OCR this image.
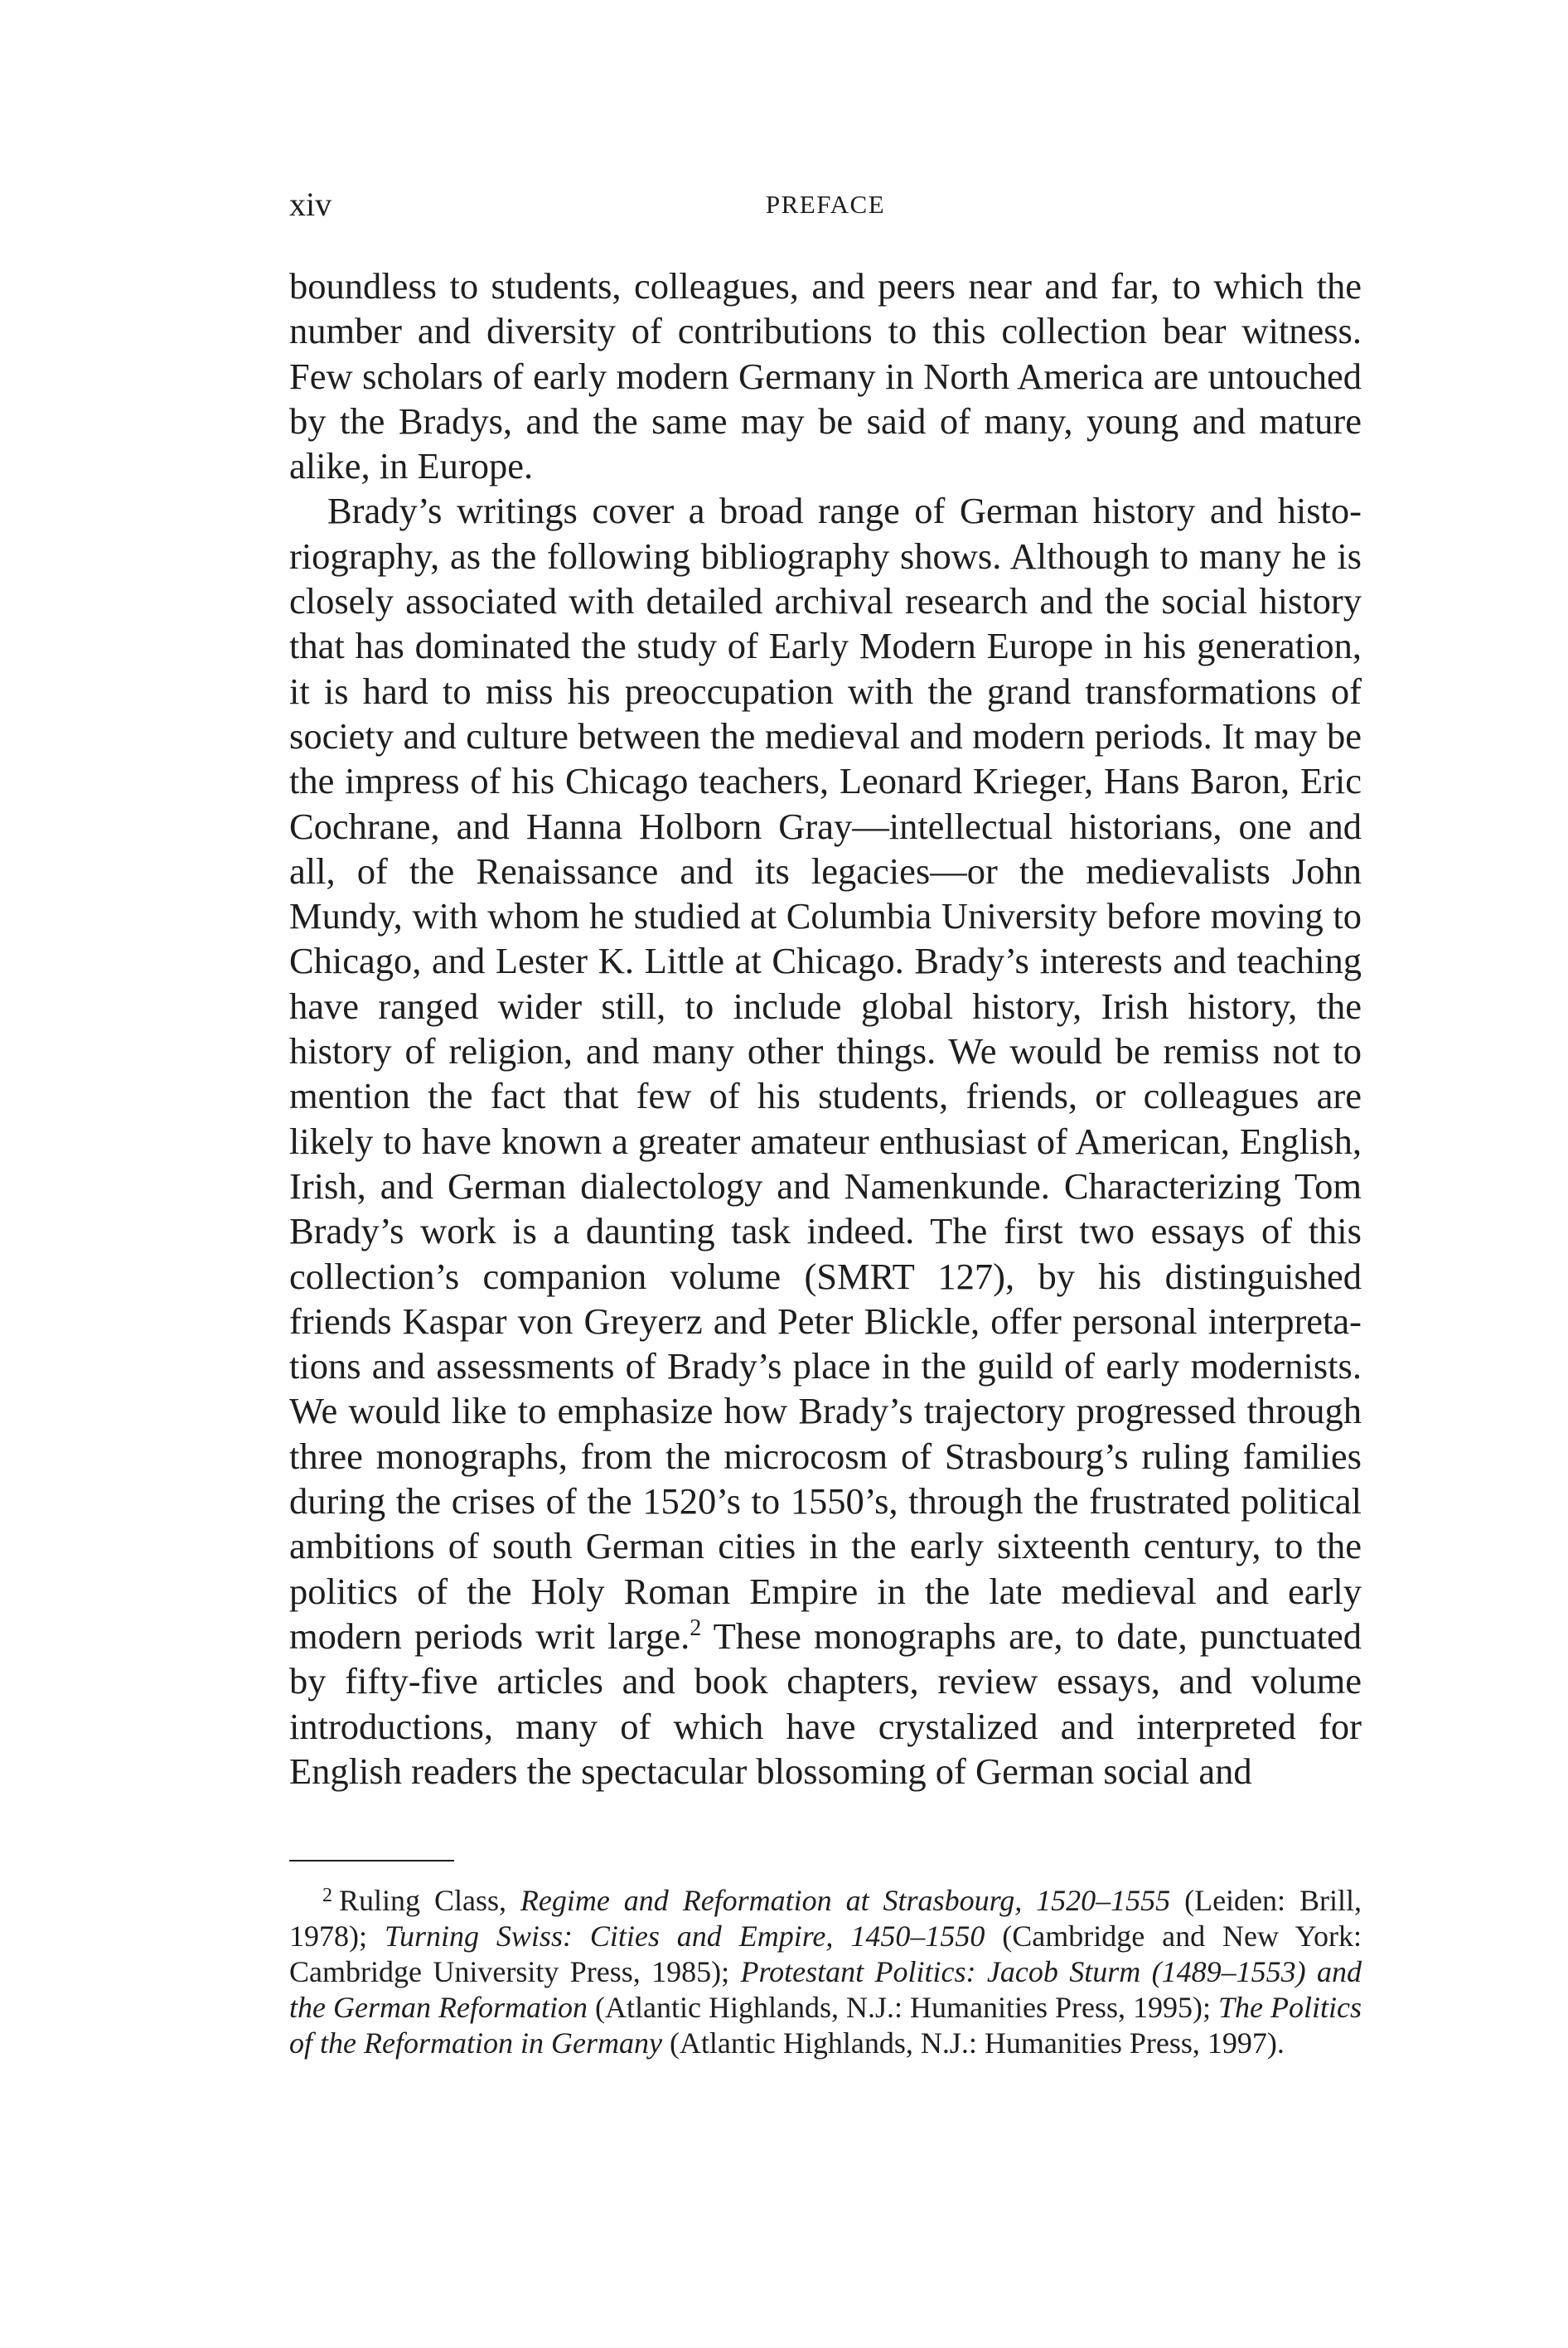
xiv	PREFACE

boundless to students, colleagues, and peers near and far, to which the number and diversity of contributions to this collection bear witness. Few scholars of early modern Germany in North America are untouched by the Bradys, and the same may be said of many, young and mature alike, in Europe.

Brady’s writings cover a broad range of German history and historiography, as the following bibliography shows. Although to many he is closely associated with detailed archival research and the social history that has dominated the study of Early Modern Europe in his generation, it is hard to miss his preoccupation with the grand transformations of society and culture between the medieval and modern periods. It may be the impress of his Chicago teachers, Leonard Krieger, Hans Baron, Eric Cochrane, and Hanna Holborn Gray—intellectual historians, one and all, of the Renaissance and its legacies—or the medievalists John Mundy, with whom he studied at Columbia University before moving to Chicago, and Lester K. Little at Chicago. Brady’s interests and teaching have ranged wider still, to include global history, Irish history, the history of religion, and many other things. We would be remiss not to mention the fact that few of his students, friends, or colleagues are likely to have known a greater amateur enthusiast of American, English, Irish, and German dialectology and Namenkunde. Characterizing Tom Brady’s work is a daunting task indeed. The first two essays of this collection’s companion volume (SMRT 127), by his distinguished friends Kaspar von Greyerz and Peter Blickle, offer personal interpretations and assessments of Brady’s place in the guild of early modernists. We would like to emphasize how Brady’s trajectory progressed through three monographs, from the microcosm of Strasbourg’s ruling families during the crises of the 1520’s to 1550’s, through the frustrated political ambitions of south German cities in the early sixteenth century, to the politics of the Holy Roman Empire in the late medieval and early modern periods writ large.$^2$ These monographs are, to date, punctuated by fifty-five articles and book chapters, review essays, and volume introductions, many of which have crystalized and interpreted for English readers the spectacular blossoming of German social and

$^2$ Ruling Class, Regime and Reformation at Strasbourg, 1520–1555 (Leiden: Brill, 1978); Turning Swiss: Cities and Empire, 1450–1550 (Cambridge and New York: Cambridge University Press, 1985); Protestant Politics: Jacob Sturm (1489–1553) and the German Reformation (Atlantic Highlands, N.J.: Humanities Press, 1995); The Politics of the Reformation in Germany (Atlantic Highlands, N.J.: Humanities Press, 1997).
